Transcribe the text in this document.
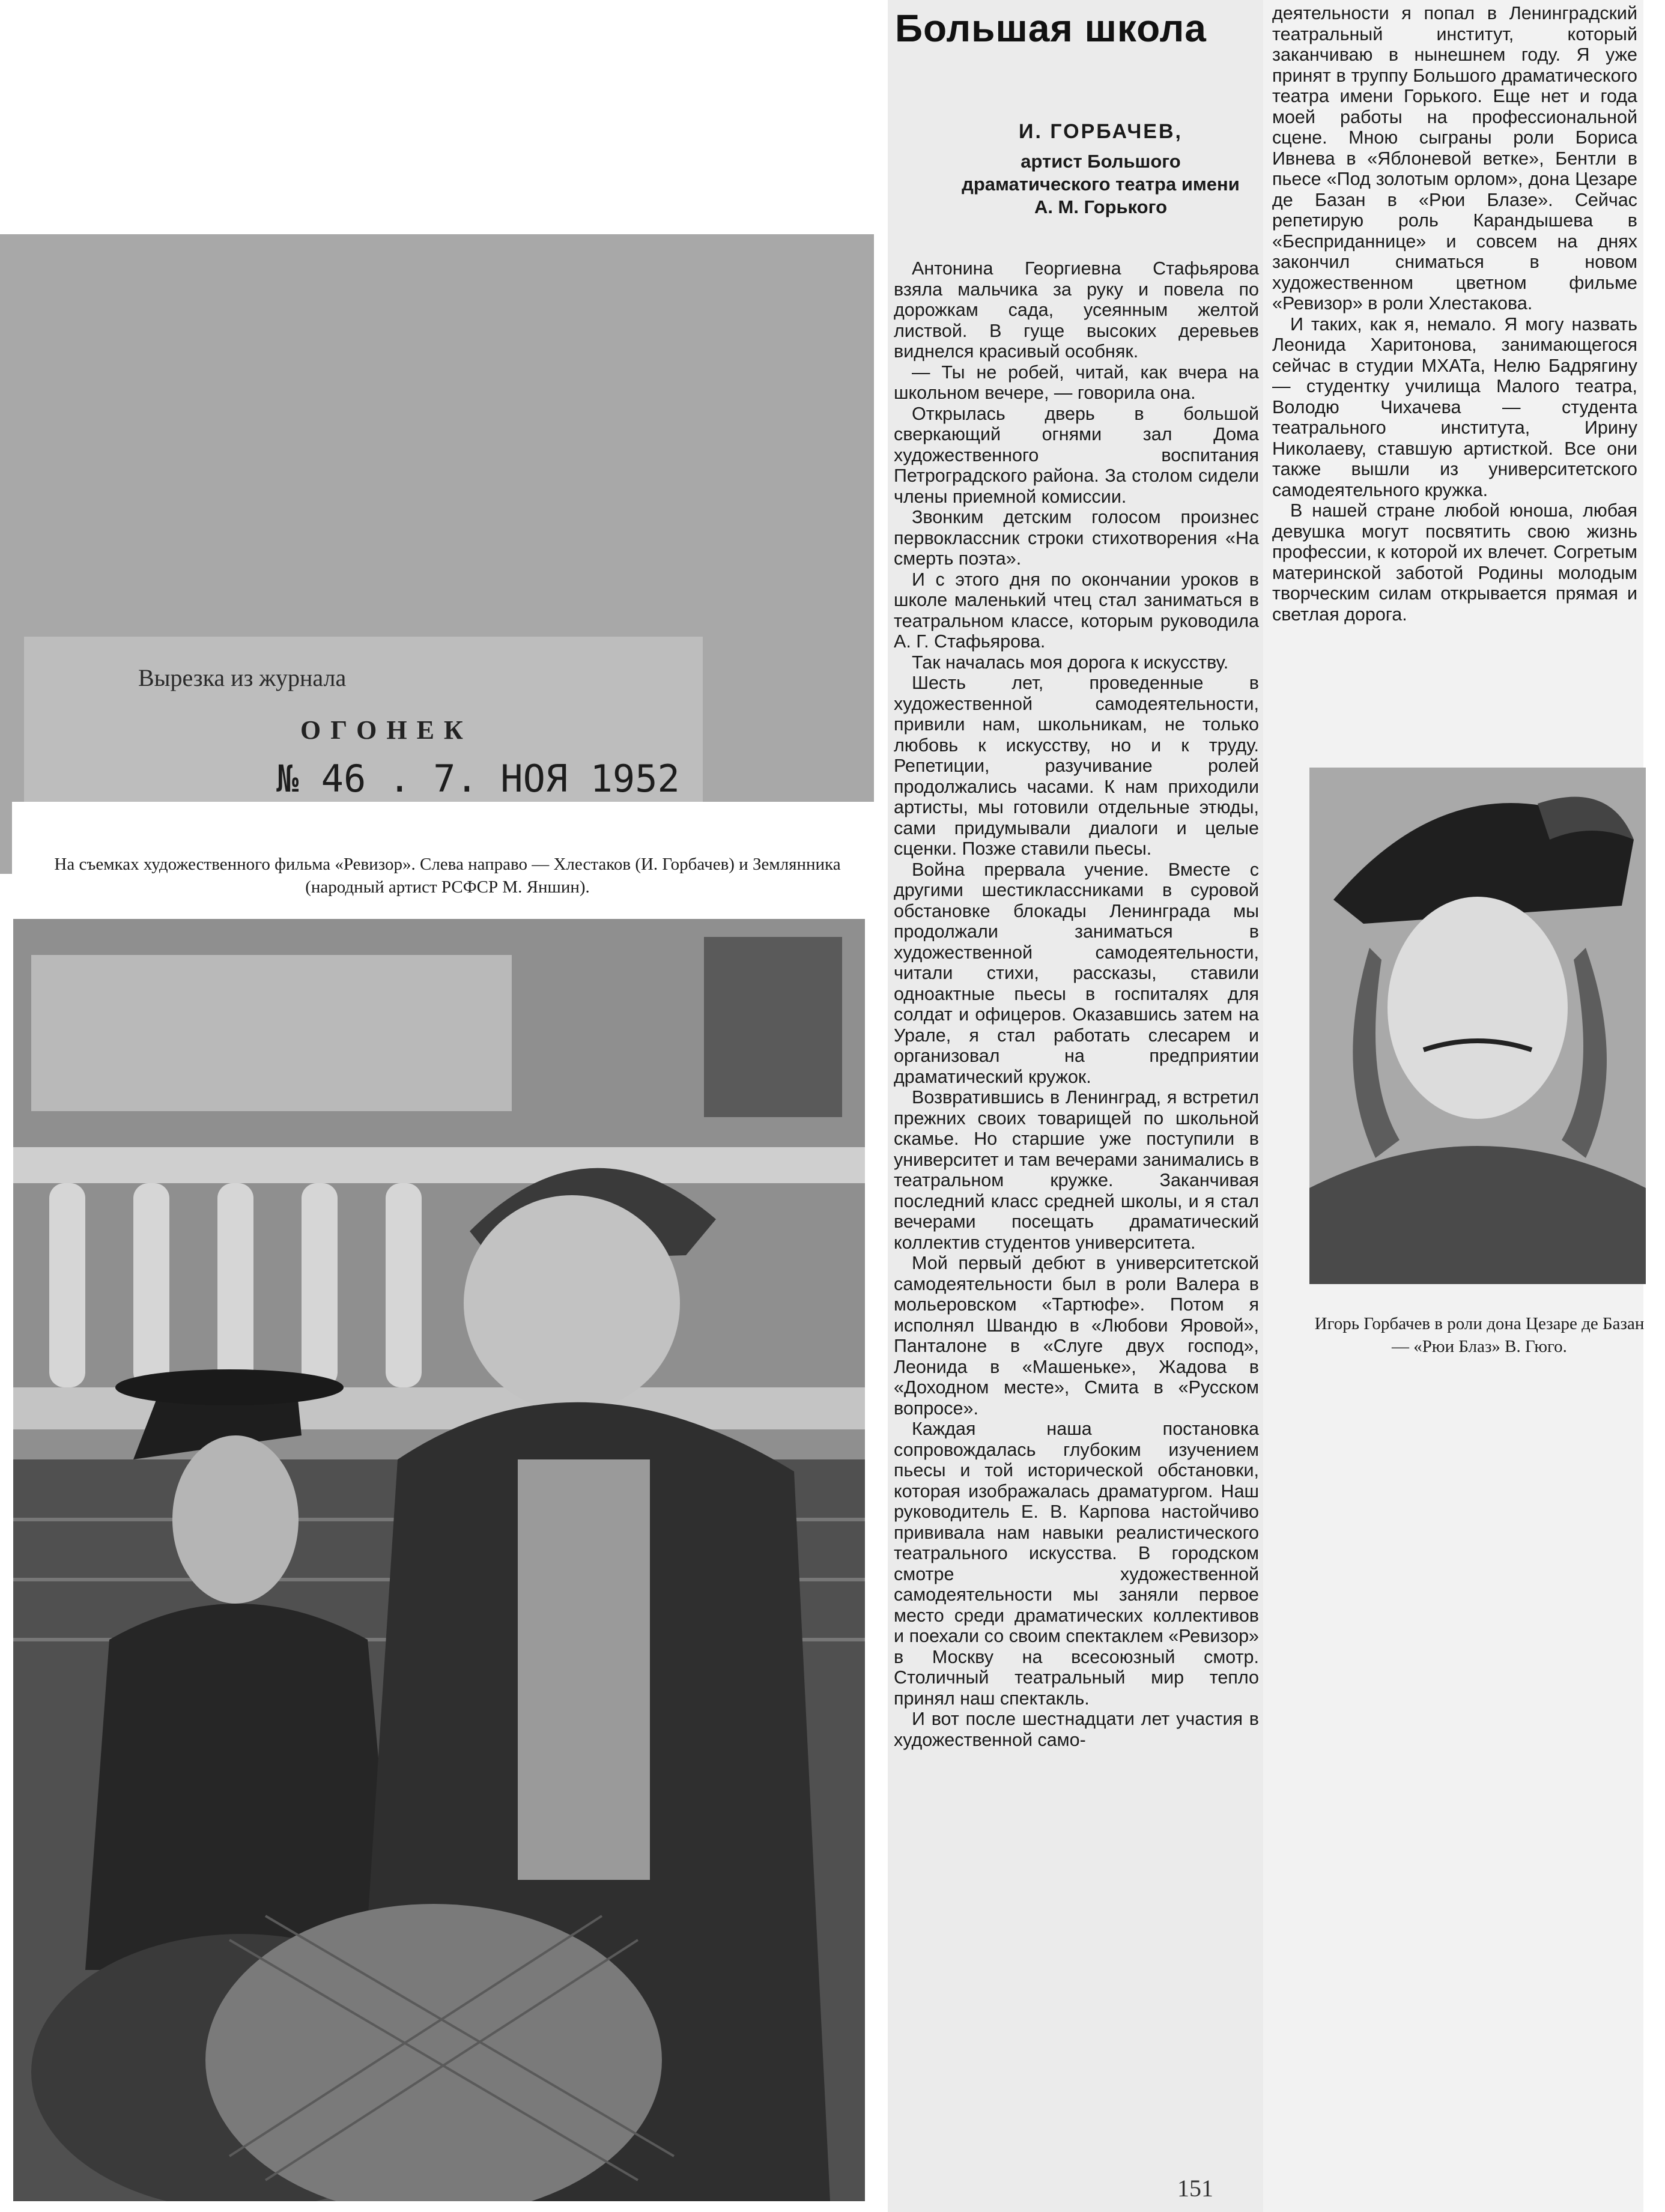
Вырезка из журнала
ОГОНЕК
№ 46 . 7. НОЯ 1952
Большая школа
И. ГОРБАЧЕВ,
артист Большого драматического театра имени А. М. Горького

Антонина Георгиевна Стафьярова взяла мальчика за руку и повела по дорожкам сада, усеянным желтой листвой. В гуще высоких деревьев виднелся красивый особняк.

— Ты не робей, читай, как вчера на школьном вечере, — говорила она.

Открылась дверь в большой сверкающий огнями зал Дома художественного воспитания Петроградского района. За столом сидели члены приемной комиссии.

Звонким детским голосом произнес первоклассник строки стихотворения «На смерть поэта».

И с этого дня по окончании уроков в школе маленький чтец стал заниматься в театральном классе, которым руководила А. Г. Стафьярова.

Так началась моя дорога к искусству.

Шесть лет, проведенные в художественной самодеятельности, привили нам, школьникам, не только любовь к искусству, но и к труду. Репетиции, разучивание ролей продолжались часами. К нам приходили артисты, мы готовили отдельные этюды, сами придумывали диалоги и целые сценки. Позже ставили пьесы.

Война прервала учение. Вместе с другими шестиклассниками в суровой обстановке блокады Ленинграда мы продолжали заниматься в художественной самодеятельности, читали стихи, рассказы, ставили одноактные пьесы в госпиталях для солдат и офицеров. Оказавшись затем на Урале, я стал работать слесарем и организовал на предприятии драматический кружок.

Возвратившись в Ленинград, я встретил прежних своих товарищей по школьной скамье. Но старшие уже поступили в университет и там вечерами занимались в театральном кружке. Заканчивая последний класс средней школы, и я стал вечерами посещать драматический коллектив студентов университета.

Мой первый дебют в университетской самодеятельности был в роли Валера в мольеровском «Тартюфе». Потом я исполнял Швандю в «Любови Яровой», Панталоне в «Слуге двух господ», Леонида в «Машеньке», Жадова в «Доходном месте», Смита в «Русском вопросе».

Каждая наша постановка сопровождалась глубоким изучением пьесы и той исторической обстановки, которая изображалась драматургом. Наш руководитель Е. В. Карпова настойчиво прививала нам навыки реалистического театрального искусства. В городском смотре художественной самодеятельности мы заняли первое место среди драматических коллективов и поехали со своим спектаклем «Ревизор» в Москву на всесоюзный смотр. Столичный театральный мир тепло принял наш спектакль.

И вот после шестнадцати лет участия в художественной само-

деятельности я попал в Ленинградский театральный институт, который заканчиваю в нынешнем году. Я уже принят в труппу Большого драматического театра имени Горького. Еще нет и года моей работы на профессиональной сцене. Мною сыграны роли Бориса Ивнева в «Яблоневой ветке», Бентли в пьесе «Под золотым орлом», дона Цезаре де Базан в «Рюи Блазе». Сейчас репетирую роль Карандышева в «Бесприданнице» и совсем на днях закончил сниматься в новом художественном цветном фильме «Ревизор» в роли Хлестакова.

И таких, как я, немало. Я могу назвать Леонида Харитонова, занимающегося сейчас в студии МХАТа, Нелю Бадрягину — студентку училища Малого театра, Володю Чихачева — студента театрального института, Ирину Николаеву, ставшую артисткой. Все они также вышли из университетского самодеятельного кружка.

В нашей стране любой юноша, любая девушка могут посвятить свою жизнь профессии, к которой их влечет. Согретым материнской заботой Родины молодым творческим силам открывается прямая и светлая дорога.

На съемках художественного фильма «Ревизор». Слева направо — Хлестаков (И. Горбачев) и Землянника (народный артист РСФСР М. Яншин).
Игорь Горбачев в роли дона Цезаре де Базан — «Рюи Блаз» В. Гюго.
151
